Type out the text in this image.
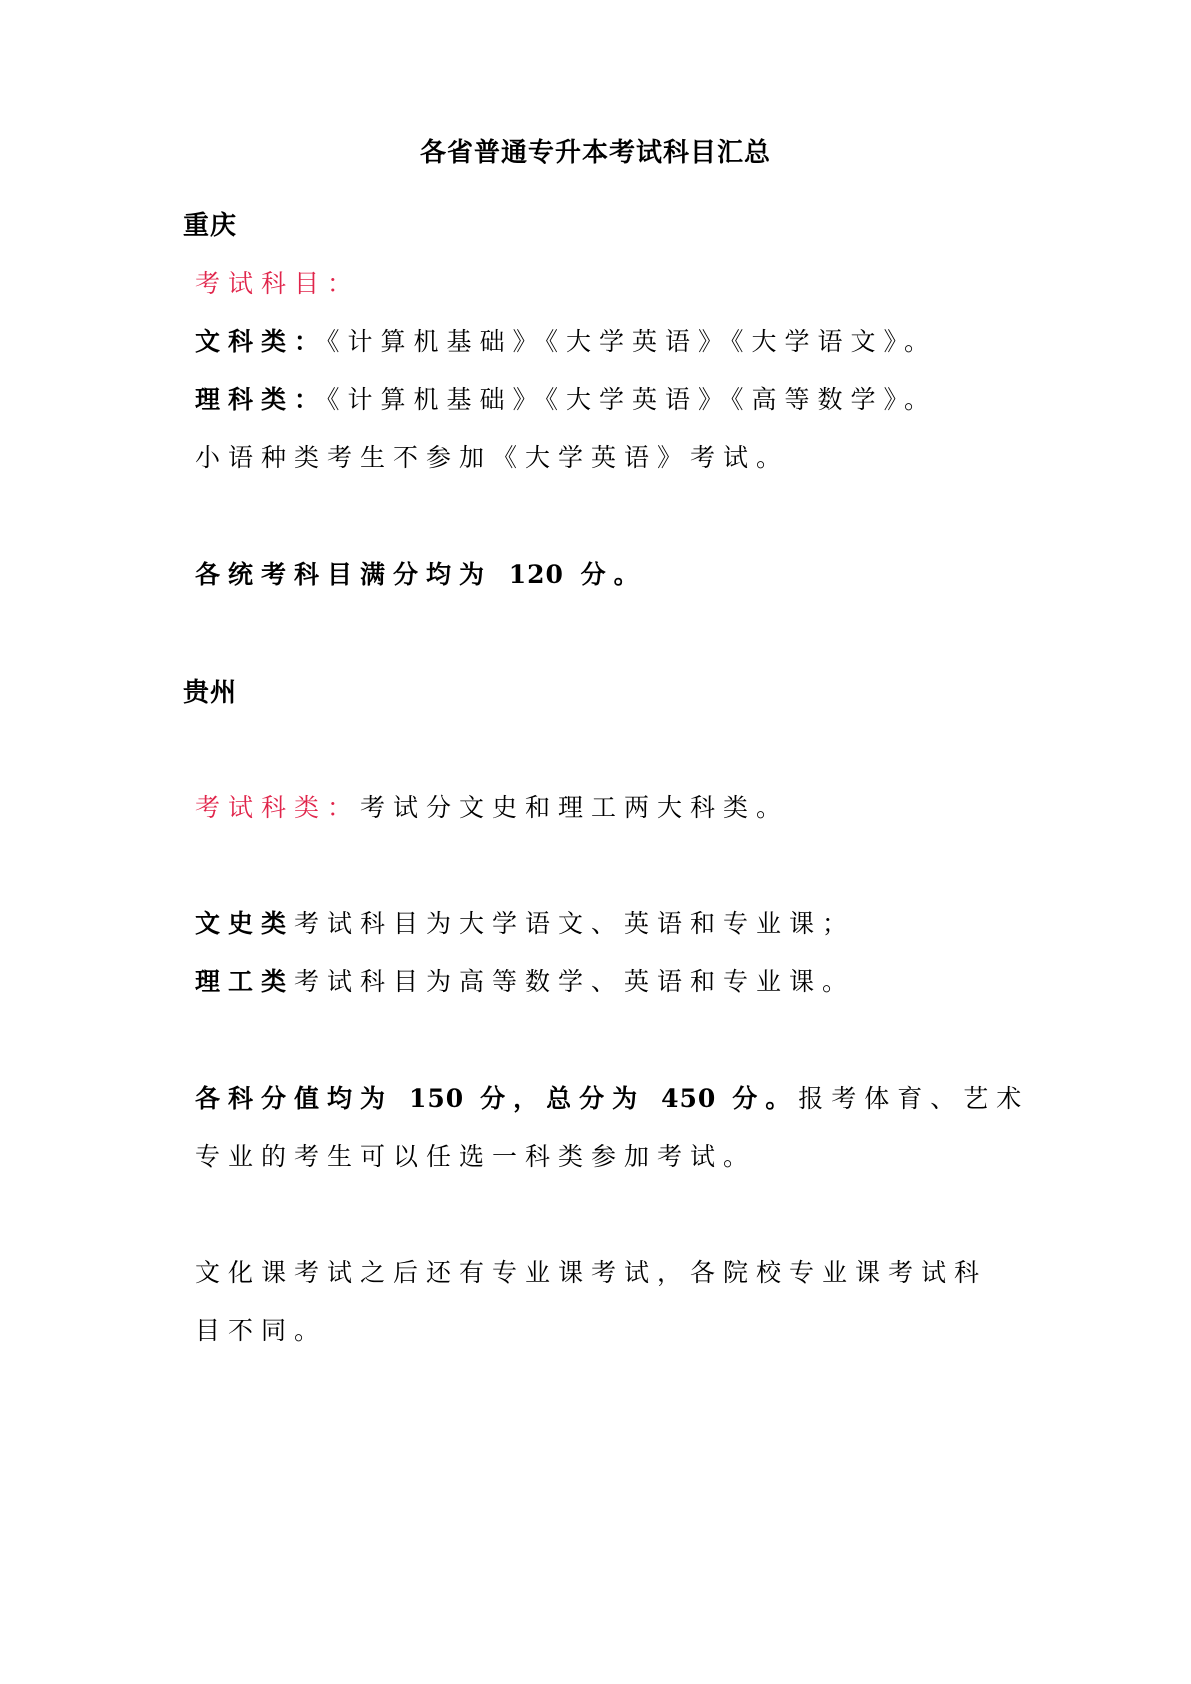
各省普通专升本考试科目汇总
重庆
考试科目：
文科类：《计算机基础》《大学英语》《大学语文》。
理科类：《计算机基础》《大学英语》《高等数学》。
小语种类考生不参加《大学英语》考试。
各统考科目满分均为 120 分。
贵州
考试科类：考试分文史和理工两大科类。
文史类考试科目为大学语文、英语和专业课；
理工类考试科目为高等数学、英语和专业课。
各科分值均为 150 分，总分为 450 分。报考体育、艺术
专业的考生可以任选一科类参加考试。
文化课考试之后还有专业课考试，各院校专业课考试科
目不同。
